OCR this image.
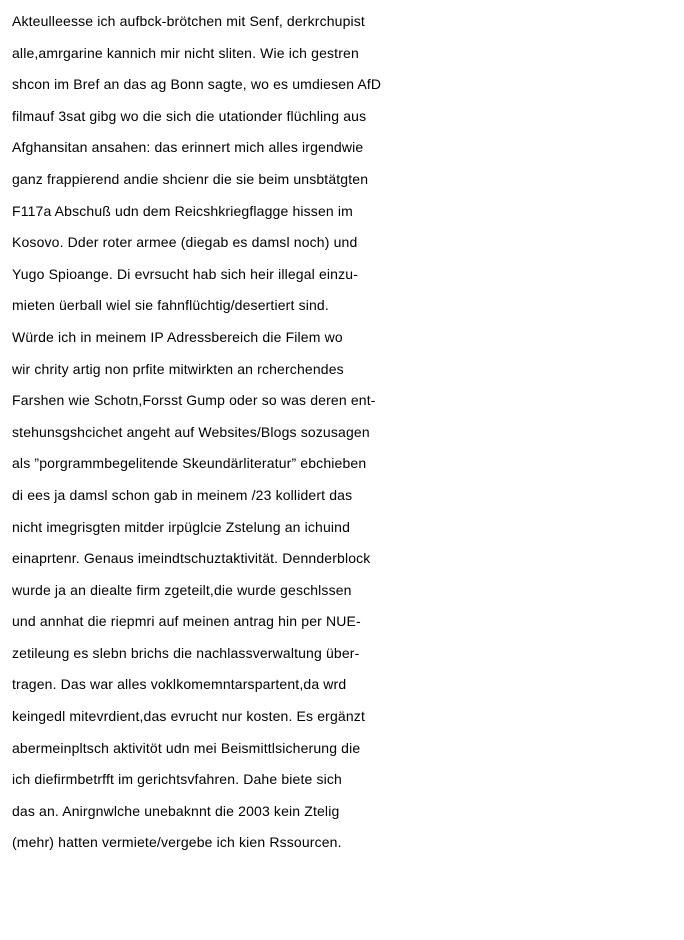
Akteulleesse ich aufbck-brötchen mit Senf, derkrchupist
alle,amrgarine kannich mir nicht sliten. Wie ich gestren
shcon im Bref an das ag Bonn sagte, wo es umdiesen AfD
filmauf 3sat gibg wo die sich die utationder flüchling aus
Afghansitan ansahen: das erinnert mich alles irgendwie
ganz frappierend andie shcienr die sie beim unsbtätgten
F117a Abschuß udn dem Reicshkriegflagge hissen im
Kosovo. Dder roter armee (diegab es damsl noch) und
Yugo Spioange. Di evrsucht hab sich heir illegal einzu-
mieten üerball wiel sie fahnflüchtig/desertiert sind.
Würde ich in meinem IP Adressbereich die Filem wo
wir chrity artig non prfite mitwirkten an rcherchendes
Farshen wie Schotn,Forsst Gump oder so was deren ent-
stehunsgshcichet angeht auf Websites/Blogs sozusagen
als ”porgrammbegelitende Skeundärliteratur” ebchieben
di ees ja damsl schon gab in meinem /23 kollidert das
nicht imegrisgten mitder irpüglcie Zstelung an ichuind
einaprtenr. Genaus imeindtschuztaktivität. Dennderblock
wurde ja an diealte firm zgeteilt,die wurde geschlssen
und annhat die riepmri auf meinen antrag hin per NUE-
zetileung es slebn brichs die nachlassverwaltung über-
tragen. Das war alles voklkomemntarspartent,da wrd
keingedl mitevrdient,das evrucht nur kosten. Es ergänzt
abermeinpltsch aktivitöt udn mei Beismittlsicherung die
ich diefirmbetrfft im gerichtsvfahren. Dahe biete sich
das an. Anirgnwlche unebaknnt die 2003 kein Ztelig
(mehr) hatten vermiete/vergebe ich kien Rssourcen.
